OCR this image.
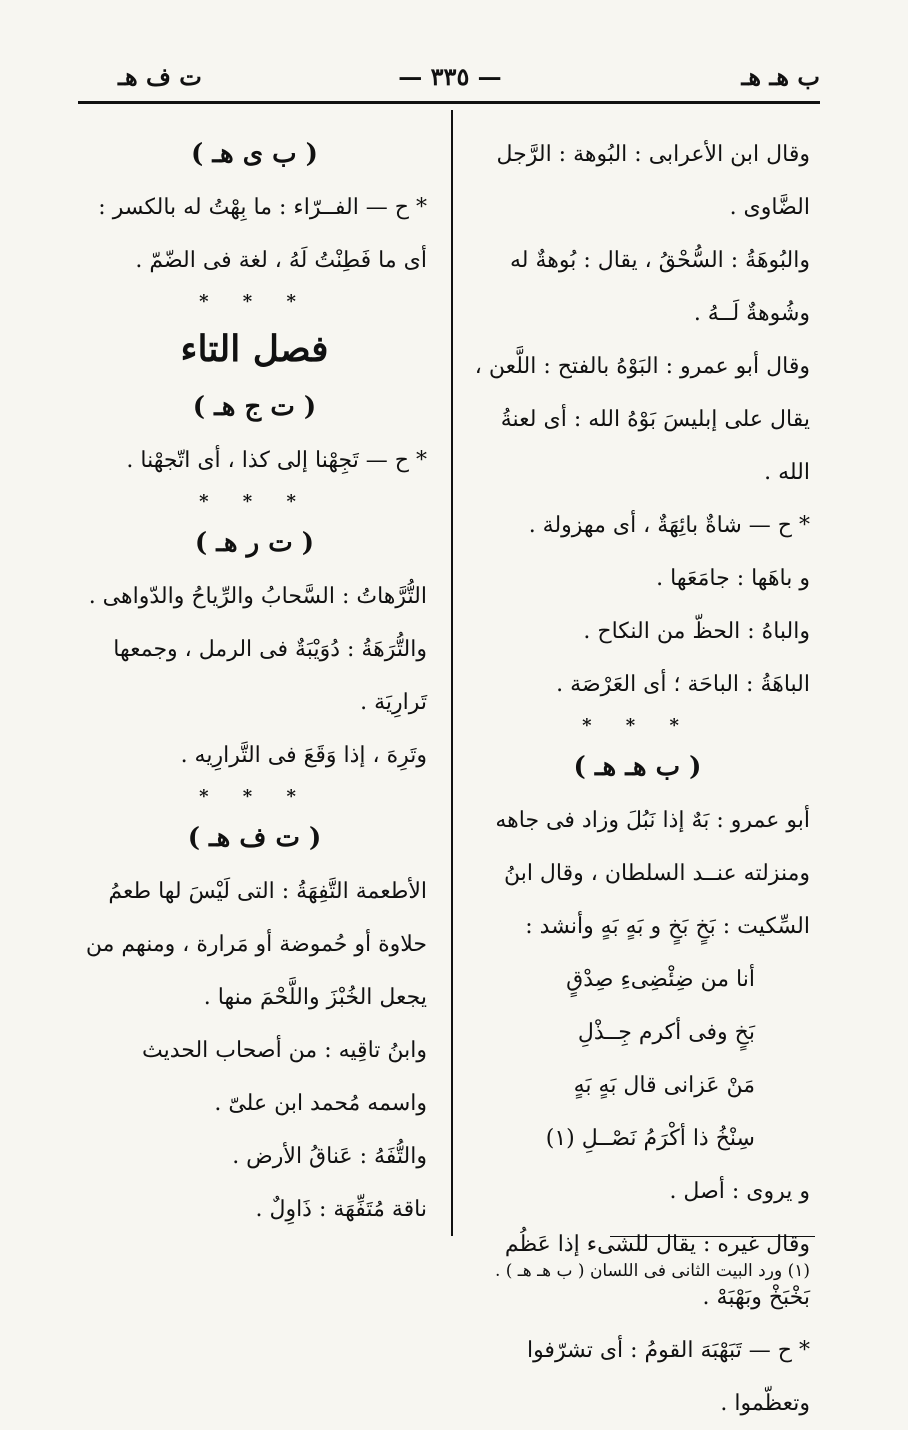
ب هـ هـ
— ٣٣٥ —
ت ف هـ

وقال ابن الأعرابى : البُوهة : الرَّجل الضَّاوى .

والبُوهَةُ : السُّحْقُ ، يقال : بُوهةٌ له وشُوهةٌ لَــهُ .

وقال أبو عمرو : البَوْهُ بالفتح : اللَّعن ، يقال على إبليسَ بَوْهُ الله : أى لعنةُ الله .

* ح — شاةٌ بائِهَةٌ ، أى مهزولة .

و باهَها : جامَعَها .

والباهُ : الحظّ من النكاح .

الباهَةُ : الباحَة ؛ أى العَرْصَة .

* * *

( ب هـ هـ )

أبو عمرو : بَهٌ إذا نَبُلَ وزاد فى جاهه ومنزلته عنــد السلطان ، وقال ابنُ السِّكيت : بَخٍ بَخٍ و بَهٍ بَهٍ وأنشد :

أنا من ضِئْضِىءِ صِدْقٍ

بَخٍ وفى أكرم جِــذْلِ

مَنْ عَزانى قال بَهٍ بَهٍ

سِنْخُ ذا أكْرَمُ نَصْــلِ (١)

و يروى : أصل .

وقال غيره : يقال للشىء إذا عَظُم بَخْبَخْ وبَهْبَهْ .

* ح — تَبَهْبَهَ القومُ : أى تشرّفوا وتعظّموا .

( ب ى هـ )

* ح — الفــرّاء : ما بِهْتُ له بالكسر : أى ما فَطِنْتُ لَهُ ، لغة فى الضّمّ .

* * *

فصل التاء

( ت ج هـ )

* ح — تَجِهْنا إلى كذا ، أى اتّجهْنا .

* * *

( ت ر هـ )

التُّرَّهاتُ : السَّحابُ والرِّياحُ والدّواهى .

والتُّرَهَةُ : دُوَيْبَةٌ فى الرمل ، وجمعها تَرارِيَة .

وتَرِهَ ، إذا وَقَعَ فى التَّرارِيه .

* * *

( ت ف هـ )

الأطعمة التَّفِهَةُ : التى لَيْسَ لها طعمُ حلاوة أو حُموضة أو مَرارة ، ومنهم من يجعل الخُبْزَ واللَّحْمَ منها .

وابنُ تاقِيه : من أصحاب الحديث واسمه مُحمد ابن علىّ .

والتُّفَهُ : عَناقُ الأرض .

ناقة مُتَفِّهَة : ذَاوِلٌ .

(١) ورد البيت الثانى فى اللسان ( ب هـ هـ ) .
